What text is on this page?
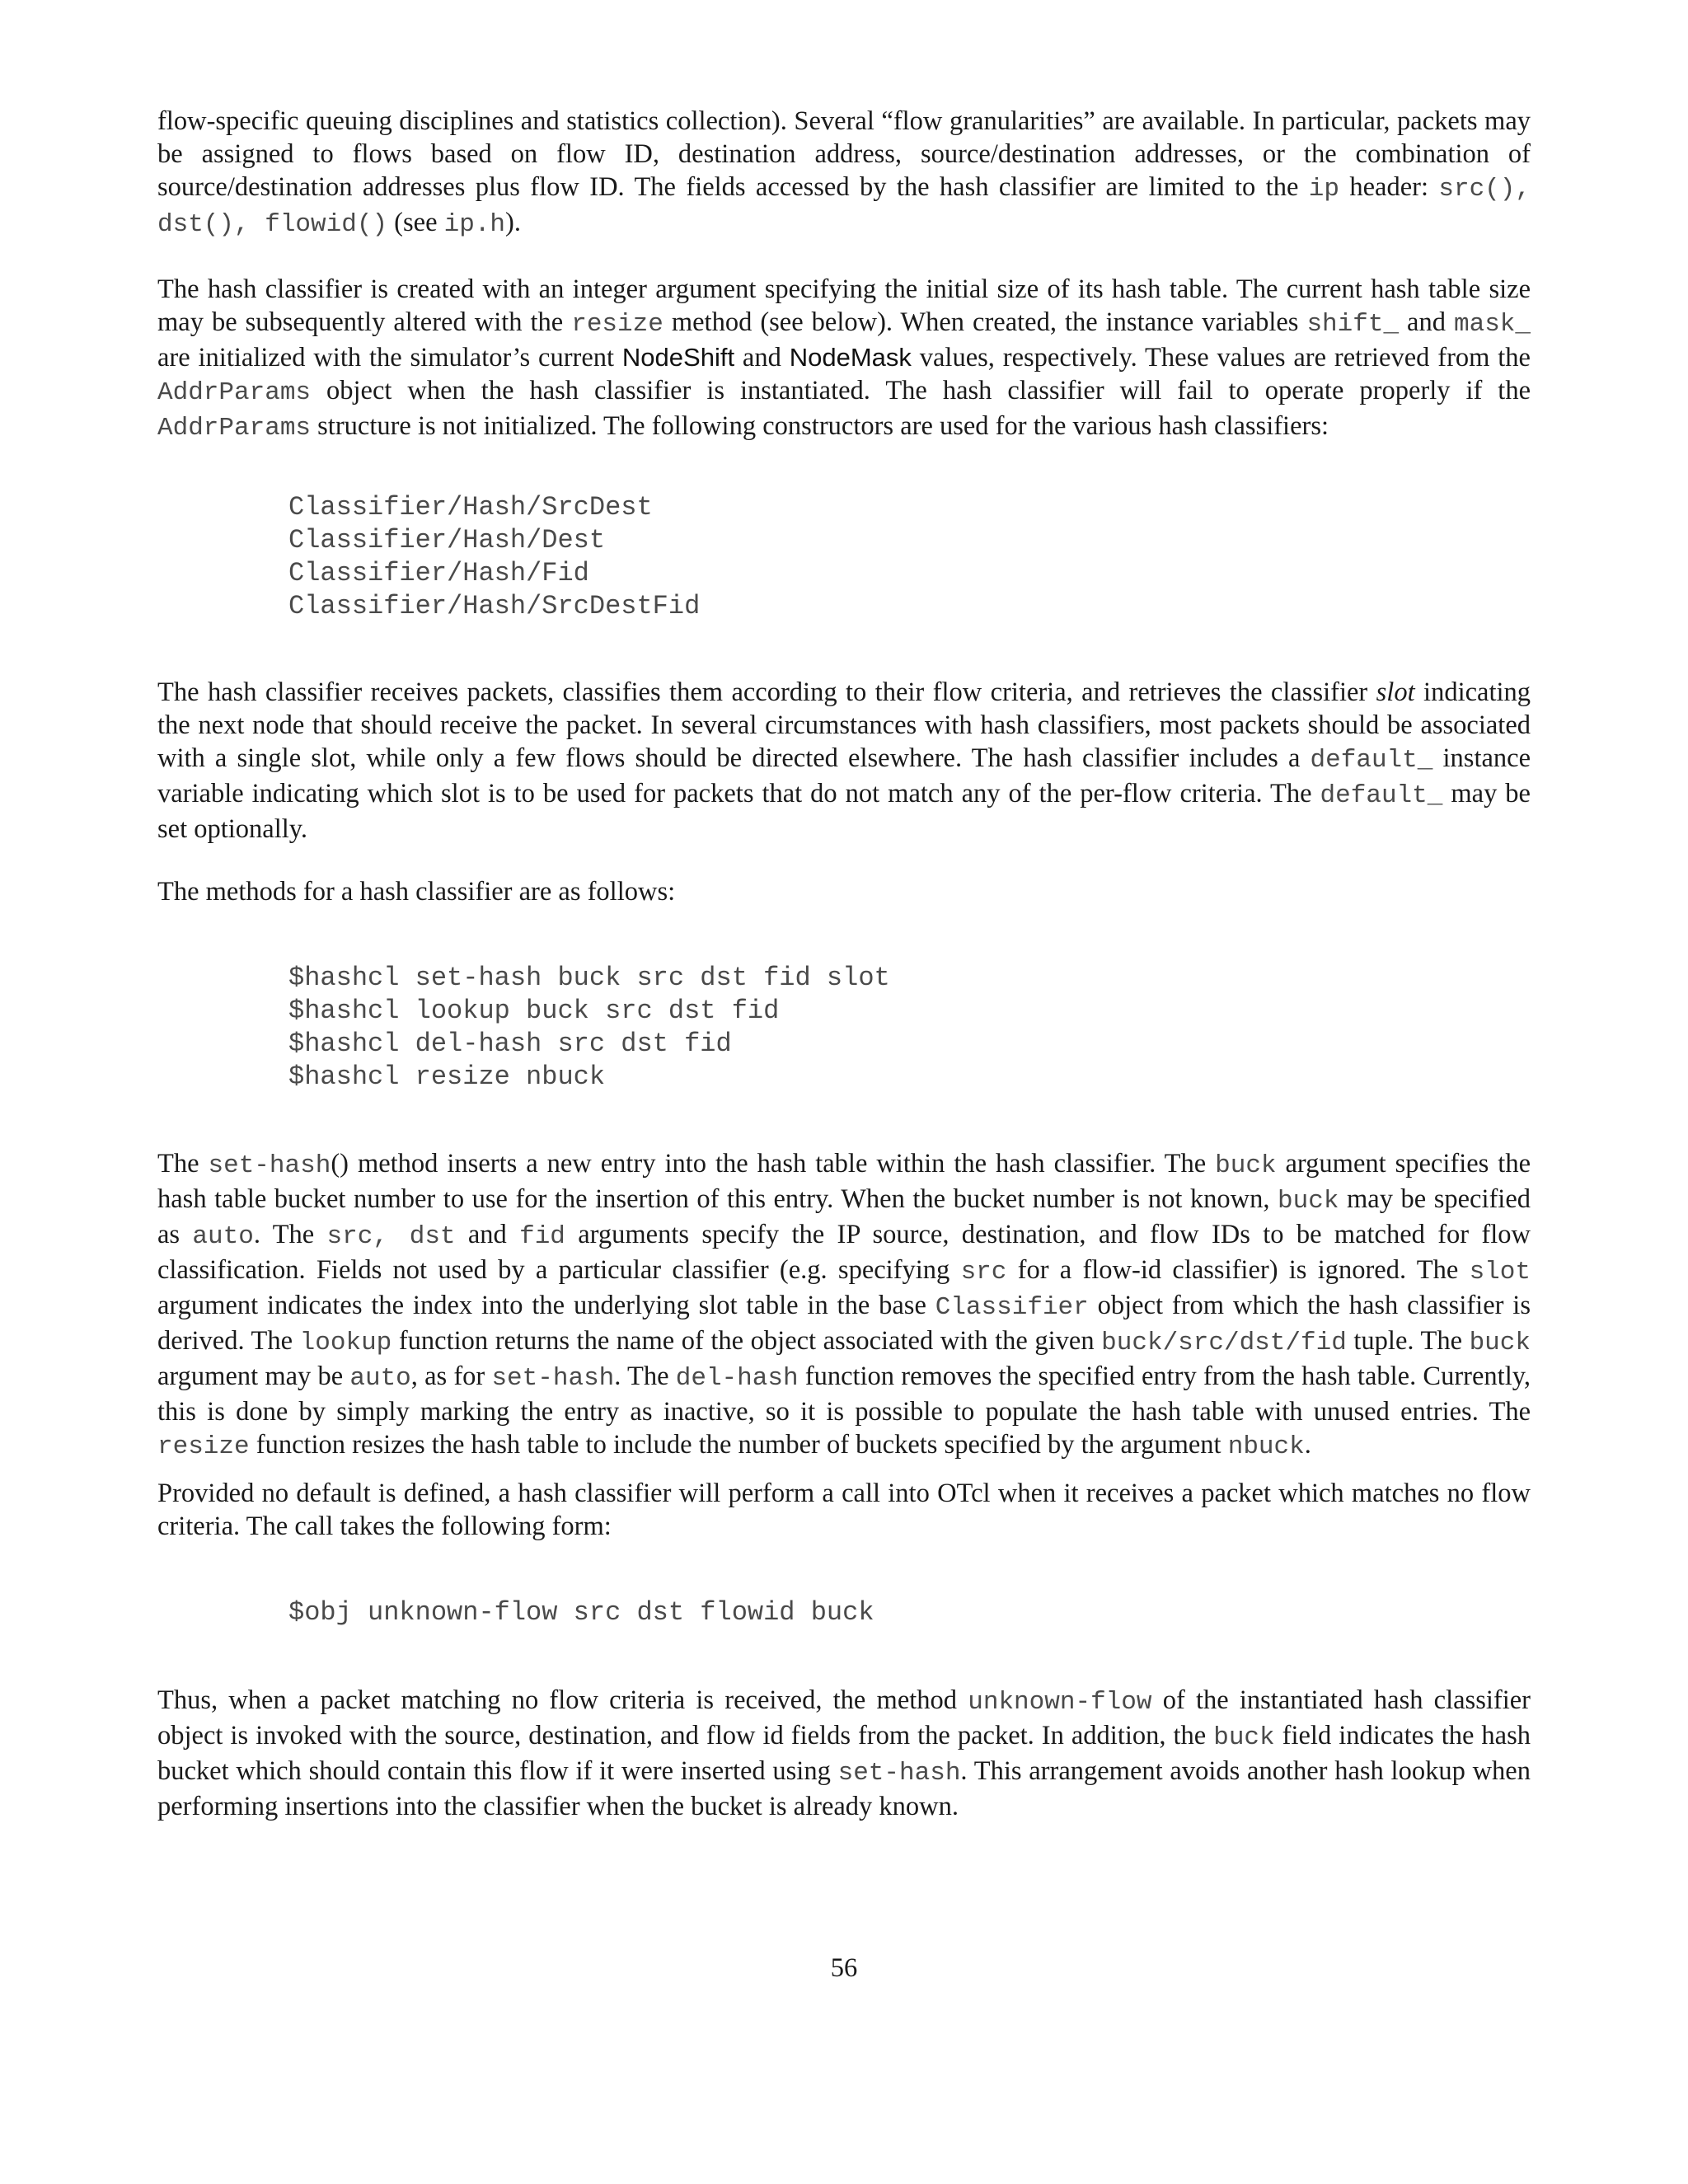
flow-specific queuing disciplines and statistics collection). Several “flow granularities” are available. In particular, packets may be assigned to flows based on flow ID, destination address, source/destination addresses, or the combination of source/destination addresses plus flow ID. The fields accessed by the hash classifier are limited to the ip header: src(), dst(), flowid() (see ip.h).

The hash classifier is created with an integer argument specifying the initial size of its hash table. The current hash table size may be subsequently altered with the resize method (see below). When created, the instance variables shift_ and mask_ are initialized with the simulator’s current NodeShift and NodeMask values, respectively. These values are retrieved from the AddrParams object when the hash classifier is instantiated. The hash classifier will fail to operate properly if the AddrParams structure is not initialized. The following constructors are used for the various hash classifiers:

Classifier/Hash/SrcDest
Classifier/Hash/Dest
Classifier/Hash/Fid
Classifier/Hash/SrcDestFid

The hash classifier receives packets, classifies them according to their flow criteria, and retrieves the classifier slot indicating the next node that should receive the packet. In several circumstances with hash classifiers, most packets should be associated with a single slot, while only a few flows should be directed elsewhere. The hash classifier includes a default_ instance variable indicating which slot is to be used for packets that do not match any of the per-flow criteria. The default_ may be set optionally.

The methods for a hash classifier are as follows:

$hashcl set-hash buck src dst fid slot
$hashcl lookup buck src dst fid
$hashcl del-hash src dst fid
$hashcl resize nbuck

The set-hash() method inserts a new entry into the hash table within the hash classifier. The buck argument specifies the hash table bucket number to use for the insertion of this entry. When the bucket number is not known, buck may be specified as auto. The src, dst and fid arguments specify the IP source, destination, and flow IDs to be matched for flow classification. Fields not used by a particular classifier (e.g. specifying src for a flow-id classifier) is ignored. The slot argument indicates the index into the underlying slot table in the base Classifier object from which the hash classifier is derived. The lookup function returns the name of the object associated with the given buck/src/dst/fid tuple. The buck argument may be auto, as for set-hash. The del-hash function removes the specified entry from the hash table. Currently, this is done by simply marking the entry as inactive, so it is possible to populate the hash table with unused entries. The resize function resizes the hash table to include the number of buckets specified by the argument nbuck.

Provided no default is defined, a hash classifier will perform a call into OTcl when it receives a packet which matches no flow criteria. The call takes the following form:

$obj unknown-flow src dst flowid buck

Thus, when a packet matching no flow criteria is received, the method unknown-flow of the instantiated hash classifier object is invoked with the source, destination, and flow id fields from the packet. In addition, the buck field indicates the hash bucket which should contain this flow if it were inserted using set-hash. This arrangement avoids another hash lookup when performing insertions into the classifier when the bucket is already known.

56
